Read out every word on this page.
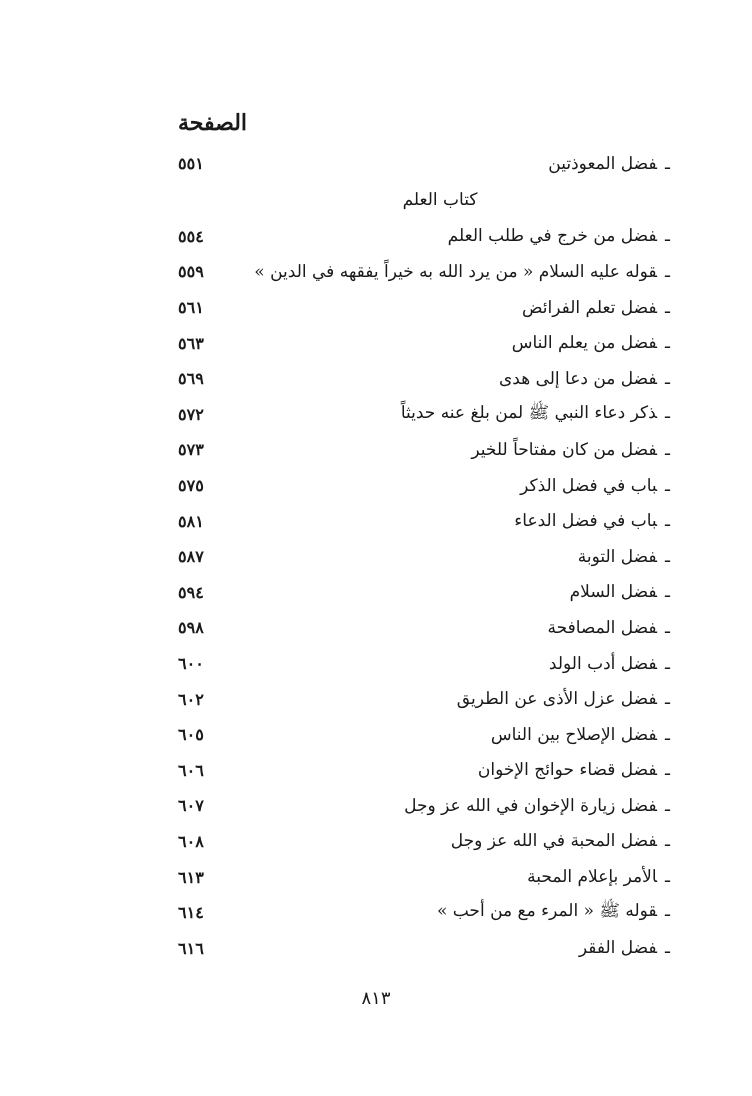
الصفحة
٥٥١	ـفضل المعوذتين
كتاب العلم
٥٥٤	ـفضل من خرج في طلب العلم
٥٥٩	ـقوله عليه السلام « من يرد الله به خيراً يفقهه في الدين »
٥٦١	ـفضل تعلم الفرائض
٥٦٣	ـفضل من يعلم الناس
٥٦٩	ـفضل من دعا إلى هدى
٥٧٢	ـذكر دعاء النبي ﷺ لمن بلغ عنه حديثاً
٥٧٣	ـفضل من كان مفتاحاً للخير
٥٧٥	ـباب في فضل الذكر
٥٨١	ـباب في فضل الدعاء
٥٨٧	ـفضل التوبة
٥٩٤	ـفضل السلام
٥٩٨	ـفضل المصافحة
٦٠٠	ـفضل أدب الولد
٦٠٢	ـفضل عزل الأذى عن الطريق
٦٠٥	ـفضل الإصلاح بين الناس
٦٠٦	ـفضل قضاء حوائج الإخوان
٦٠٧	ـفضل زيارة الإخوان في الله عز وجل
٦٠٨	ـفضل المحبة في الله عز وجل
٦١٣	ـالأمر بإعلام المحبة
٦١٤	ـقوله ﷺ « المرء مع من أحب »
٦١٦	ـفضل الفقر
٨١٣
